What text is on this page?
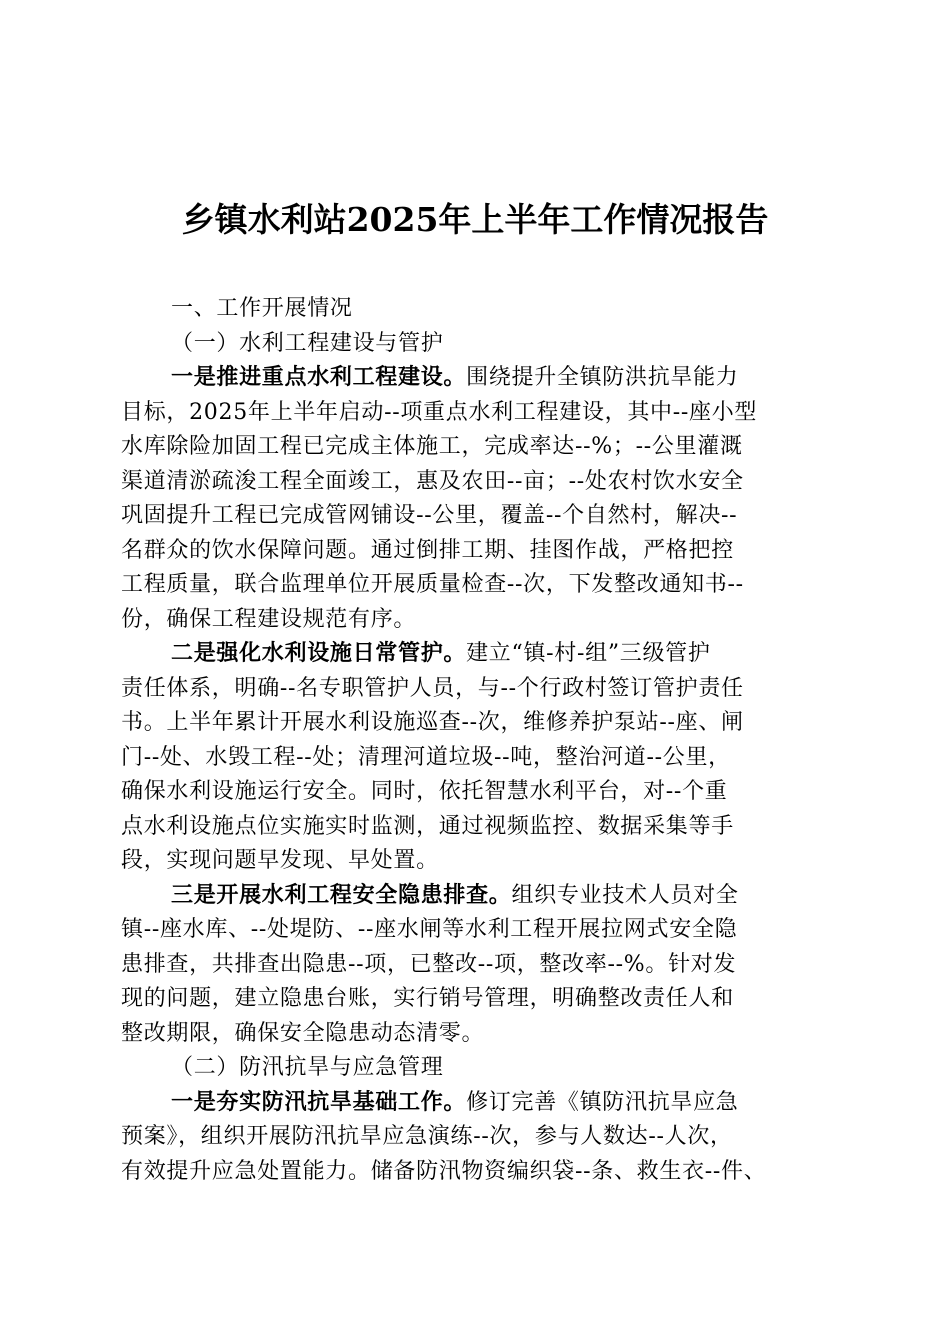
乡镇水利站2025年上半年工作情况报告

一、工作开展情况

（一）水利工程建设与管护

一是推进重点水利工程建设。围绕提升全镇防洪抗旱能力

目标，2025年上半年启动--项重点水利工程建设，其中--座小型

水库除险加固工程已完成主体施工，完成率达--%；--公里灌溉

渠道清淤疏浚工程全面竣工，惠及农田--亩；--处农村饮水安全

巩固提升工程已完成管网铺设--公里，覆盖--个自然村，解决--

名群众的饮水保障问题。通过倒排工期、挂图作战，严格把控

工程质量，联合监理单位开展质量检查--次，下发整改通知书--

份，确保工程建设规范有序。

二是强化水利设施日常管护。建立“镇-村-组”三级管护

责任体系，明确--名专职管护人员，与--个行政村签订管护责任

书。上半年累计开展水利设施巡查--次，维修养护泵站--座、闸

门--处、水毁工程--处；清理河道垃圾--吨，整治河道--公里，

确保水利设施运行安全。同时，依托智慧水利平台，对--个重

点水利设施点位实施实时监测，通过视频监控、数据采集等手

段，实现问题早发现、早处置。

三是开展水利工程安全隐患排查。组织专业技术人员对全

镇--座水库、--处堤防、--座水闸等水利工程开展拉网式安全隐

患排查，共排查出隐患--项，已整改--项，整改率--%。针对发

现的问题，建立隐患台账，实行销号管理，明确整改责任人和

整改期限，确保安全隐患动态清零。

（二）防汛抗旱与应急管理

一是夯实防汛抗旱基础工作。修订完善《镇防汛抗旱应急

预案》，组织开展防汛抗旱应急演练--次，参与人数达--人次，

有效提升应急处置能力。储备防汛物资编织袋--条、救生衣--件、
